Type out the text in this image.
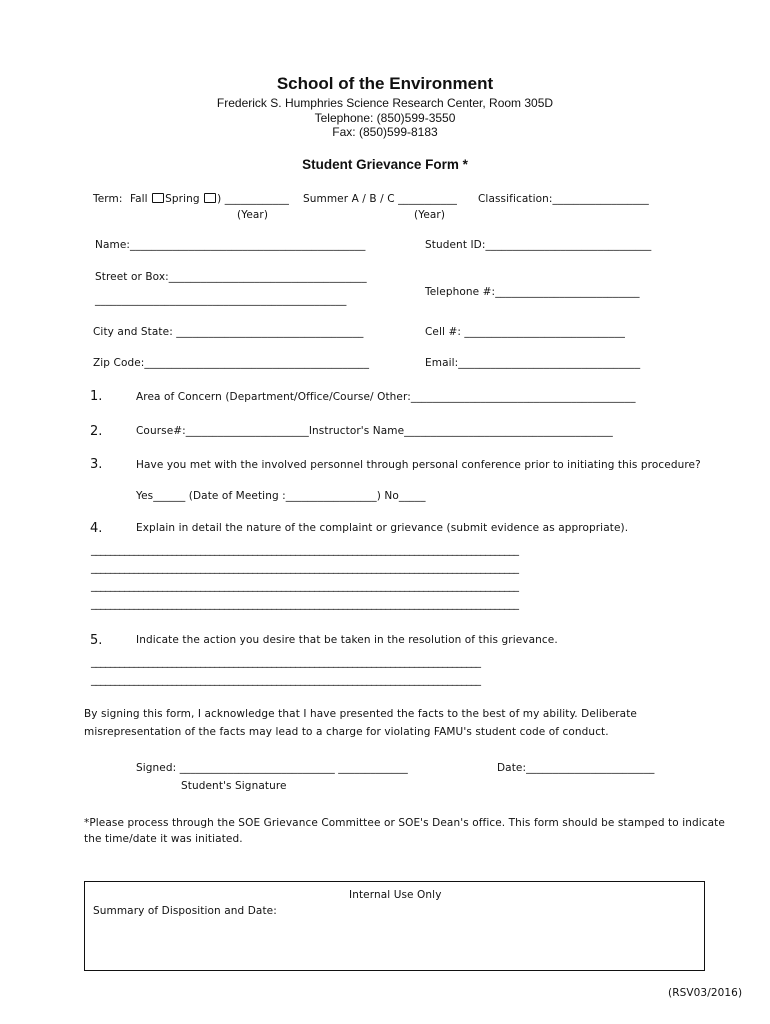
School of the Environment
Frederick S. Humphries Science Research Center, Room 305D
Telephone: (850)599-3550
Fax: (850)599-8183
Student Grievance Form *
Term: Fall Spring ) ____________ Summer A / B / C ___________ Classification:__________________
(Year)	(Year)
Name:____________________________________________	Student ID:_______________________________
Street or Box:_____________________________________
_______________________________________________
Telephone #:___________________________
City and State: ___________________________________	Cell #: ______________________________
Zip Code:__________________________________________	Email:__________________________________
1.	Area of Concern (Department/Office/Course/ Other:__________________________________________
2.	Course#:_______________________Instructor's Name_______________________________________
3.	Have you met with the involved personnel through personal conference prior to initiating this procedure?
Yes______ (Date of Meeting :_________________) No_____
4.	Explain in detail the nature of the complaint or grievance (submit evidence as appropriate).
__________________________________________________________________________________________
__________________________________________________________________________________________
__________________________________________________________________________________________
__________________________________________________________________________________________
5.	Indicate the action you desire that be taken in the resolution of this grievance.
__________________________________________________________________________________
__________________________________________________________________________________
By signing this form, I acknowledge that I have presented the facts to the best of my ability. Deliberate
misrepresentation of the facts may lead to a charge for violating FAMU's student code of conduct.
Signed: _____________________________ _____________	Date:________________________
Student's Signature
*Please process through the SOE Grievance Committee or SOE's Dean's office. This form should be stamped to indicate
the time/date it was initiated.
Internal Use Only
Summary of Disposition and Date:
(RSV03/2016)
